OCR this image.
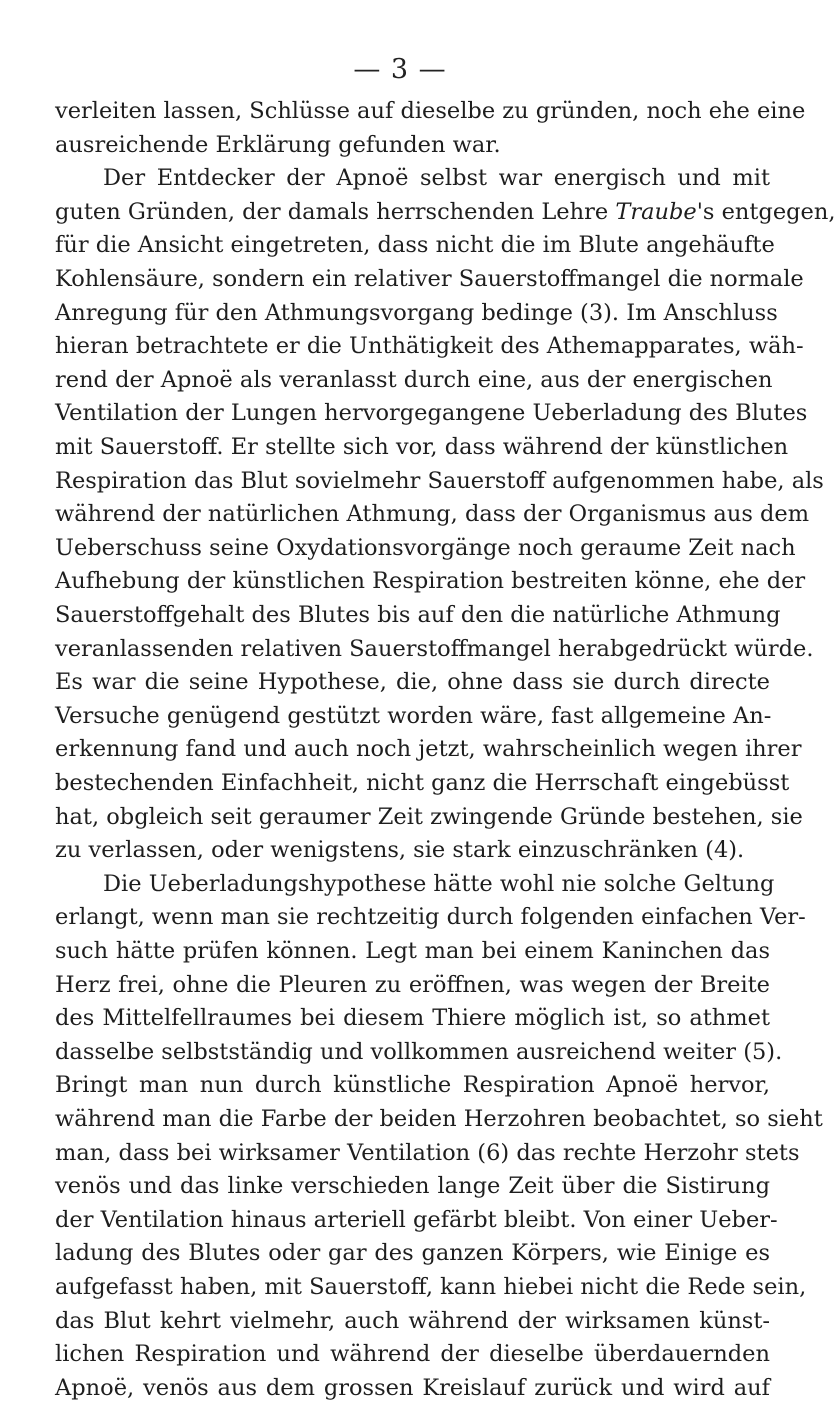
— 3 —
verleiten lassen, Schlüsse auf dieselbe zu gründen, noch ehe eine
ausreichende Erklärung gefunden war.
Der Entdecker der Apnoë selbst war energisch und mit
guten Gründen, der damals herrschenden Lehre Traube's entgegen,
für die Ansicht eingetreten, dass nicht die im Blute angehäufte
Kohlensäure, sondern ein relativer Sauerstoffmangel die normale
Anregung für den Athmungsvorgang bedinge (3). Im Anschluss
hieran betrachtete er die Unthätigkeit des Athemapparates, wäh-
rend der Apnoë als veranlasst durch eine, aus der energischen
Ventilation der Lungen hervorgegangene Ueberladung des Blutes
mit Sauerstoff. Er stellte sich vor, dass während der künstlichen
Respiration das Blut sovielmehr Sauerstoff aufgenommen habe, als
während der natürlichen Athmung, dass der Organismus aus dem
Ueberschuss seine Oxydationsvorgänge noch geraume Zeit nach
Aufhebung der künstlichen Respiration bestreiten könne, ehe der
Sauerstoffgehalt des Blutes bis auf den die natürliche Athmung
veranlassenden relativen Sauerstoffmangel herabgedrückt würde.
Es war die seine Hypothese, die, ohne dass sie durch directe
Versuche genügend gestützt worden wäre, fast allgemeine An-
erkennung fand und auch noch jetzt, wahrscheinlich wegen ihrer
bestechenden Einfachheit, nicht ganz die Herrschaft eingebüsst
hat, obgleich seit geraumer Zeit zwingende Gründe bestehen, sie
zu verlassen, oder wenigstens, sie stark einzuschränken (4).
Die Ueberladungshypothese hätte wohl nie solche Geltung
erlangt, wenn man sie rechtzeitig durch folgenden einfachen Ver-
such hätte prüfen können. Legt man bei einem Kaninchen das
Herz frei, ohne die Pleuren zu eröffnen, was wegen der Breite
des Mittelfellraumes bei diesem Thiere möglich ist, so athmet
dasselbe selbstständig und vollkommen ausreichend weiter (5).
Bringt man nun durch künstliche Respiration Apnoë hervor,
während man die Farbe der beiden Herzohren beobachtet, so sieht
man, dass bei wirksamer Ventilation (6) das rechte Herzohr stets
venös und das linke verschieden lange Zeit über die Sistirung
der Ventilation hinaus arteriell gefärbt bleibt. Von einer Ueber-
ladung des Blutes oder gar des ganzen Körpers, wie Einige es
aufgefasst haben, mit Sauerstoff, kann hiebei nicht die Rede sein,
das Blut kehrt vielmehr, auch während der wirksamen künst-
lichen Respiration und während der dieselbe überdauernden
Apnoë, venös aus dem grossen Kreislauf zurück und wird auf
